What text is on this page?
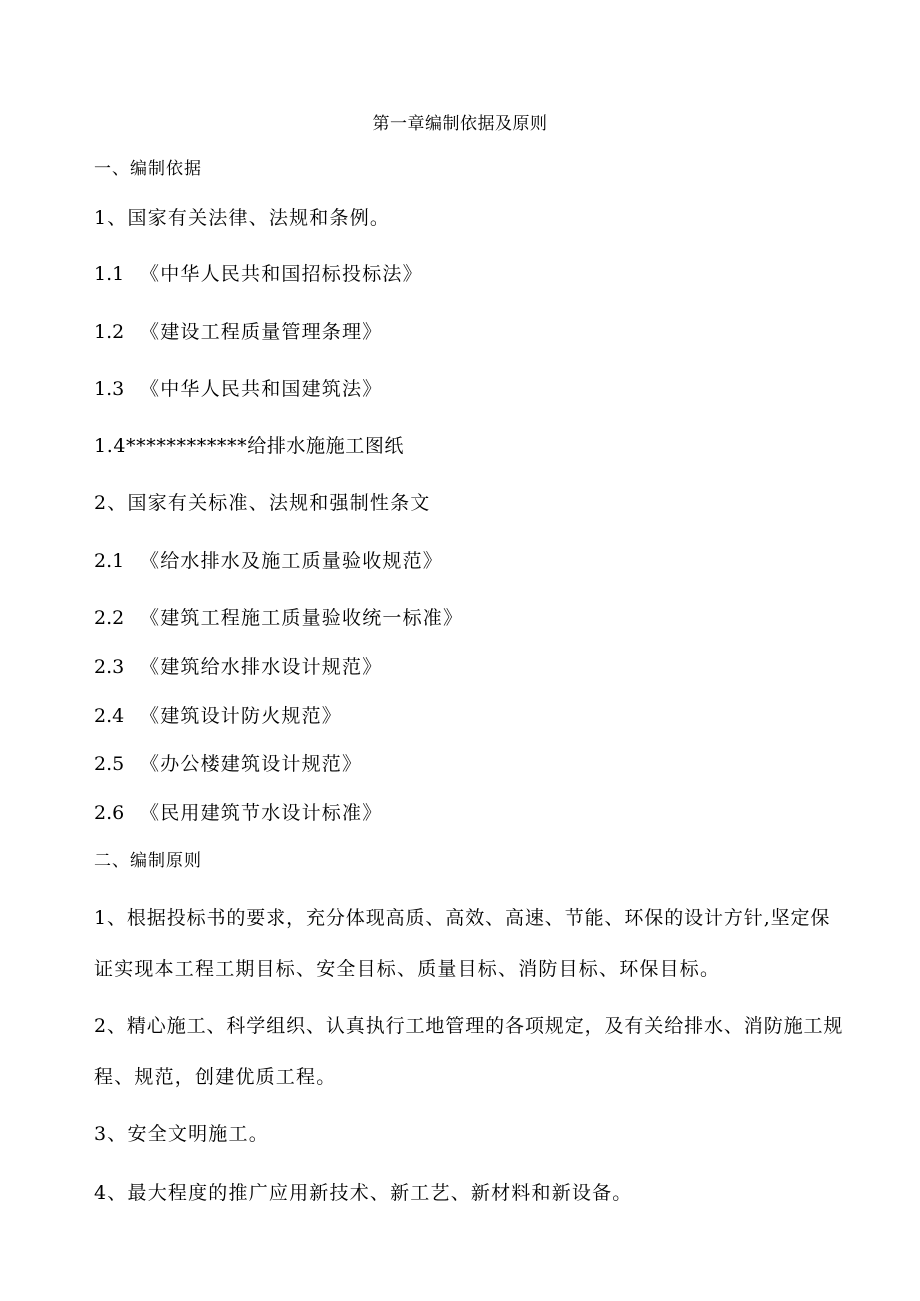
第一章编制依据及原则
一、编制依据
1、国家有关法律、法规和条例。
1.1 《中华人民共和国招标投标法》
1.2 《建设工程质量管理条理》
1.3 《中华人民共和国建筑法》
1.4************给排水施施工图纸
2、国家有关标准、法规和强制性条文
2.1 《给水排水及施工质量验收规范》
2.2 《建筑工程施工质量验收统一标准》
2.3 《建筑给水排水设计规范》
2.4 《建筑设计防火规范》
2.5 《办公楼建筑设计规范》
2.6 《民用建筑节水设计标准》
二、编制原则
1、根据投标书的要求，充分体现高质、高效、高速、节能、环保的设计方针,坚定保
证实现本工程工期目标、安全目标、质量目标、消防目标、环保目标。
2、精心施工、科学组织、认真执行工地管理的各项规定，及有关给排水、消防施工规
程、规范，创建优质工程。
3、安全文明施工。
4、最大程度的推广应用新技术、新工艺、新材料和新设备。
